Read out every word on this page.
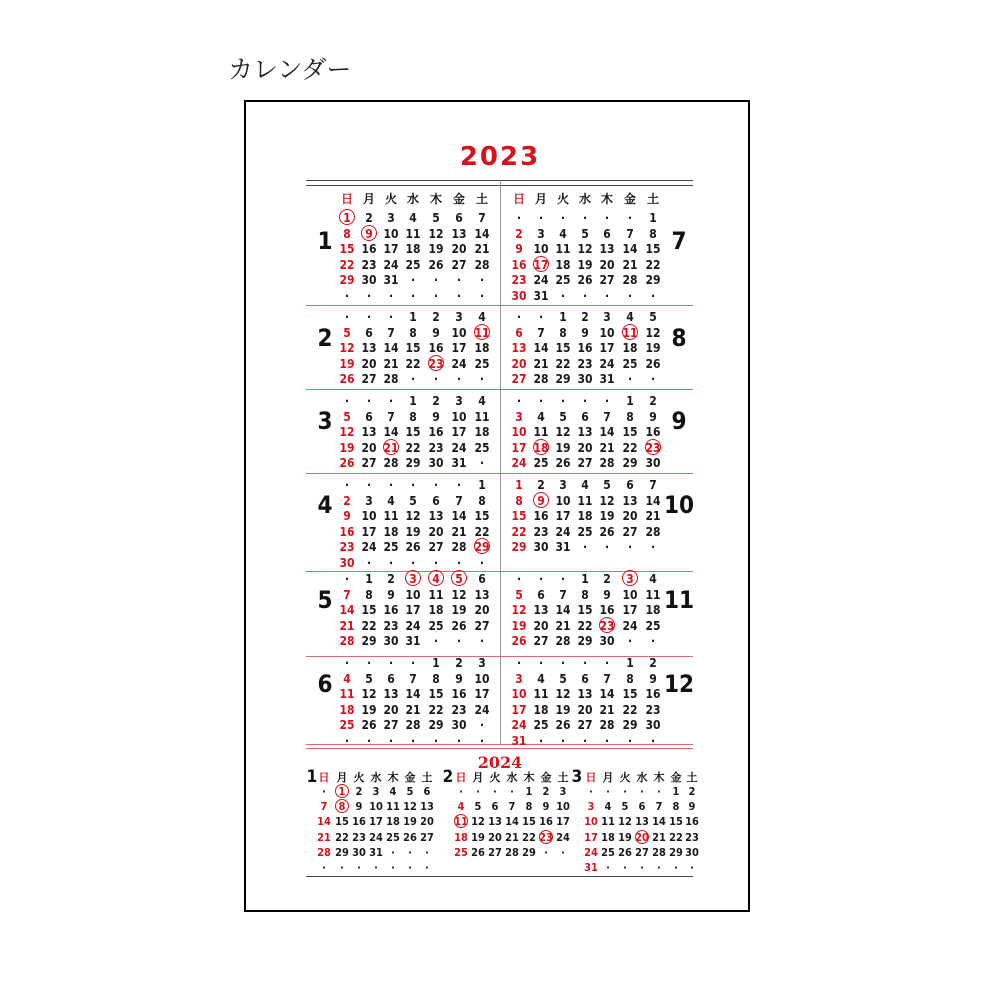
カレンダー
2023
日 月 火 水 木 金 土	日 月 火 水 木 金 土
1
1	2	3	4	5	6	7
8	9 10 11 12 13 14
15 16 17 18 19 20 21
22 23 24 25 26 27 28
29 30 31	·	·	·	·
·	·	·	·	·	·	·
7
·	·	·	·	·	·	1
2	3	4	5	6	7	8
9 10 11 12 13 14 15
16 17 18 19 20 21 22
23 24 25 26 27 28 29
30 31	·	·	·	·	·
2
·	·	·	1	2	3	4
5	6	7	8	9 10 11
12 13 14 15 16 17 18
19 20 21 22 23 24 25
26 27 28	·	·	·	·
8
·	·	1	2	3	4	5
6	7	8	9 10 11 12
13 14 15 16 17 18 19
20 21 22 23 24 25 26
27 28 29 30 31	·	·
3
·	·	·	1	2	3	4
5	6	7	8	9 10 11
12 13 14 15 16 17 18
19 20 21 22 23 24 25
26 27 28 29 30 31	·
9
·	·	·	·	·	1	2
3	4	5	6	7	8	9
10 11 12 13 14 15 16
17 18 19 20 21 22 23
24 25 26 27 28 29 30
4
·	·	·	·	·	·	1
2	3	4	5	6	7	8
9 10 11 12 13 14 15
16 17 18 19 20 21 22
23 24 25 26 27 28 29
30	·	·	·	·	·	·
10
1	2	3	4	5	6	7
8	9 10 11 12 13 14
15 16 17 18 19 20 21
22 23 24 25 26 27 28
29 30 31	·	·	·	·
5
·	1	2	3	4	5	6
7	8	9 10 11 12 13
14 15 16 17 18 19 20
21 22 23 24 25 26 27
28 29 30 31	·	·	·
11
·	·	·	1	2	3	4
5	6	7	8	9 10 11
12 13 14 15 16 17 18
19 20 21 22 23 24 25
26 27 28 29 30	·	·
6
·	·	·	·	1	2	3
4	5	6	7	8	9 10
11 12 13 14 15 16 17
18 19 20 21 22 23 24
25 26 27 28 29 30	·
·	·	·	·	·	·	·
12
·	·	·	·	·	1	2
3	4	5	6	7	8	9
10 11 12 13 14 15 16
17 18 19 20 21 22 23
24 25 26 27 28 29 30
31	·	·	·	·	·	·
2024
日 月 火 水 木 金 土
1
·	1 2 3 4 5 6
7	8 9 10 11 12 13
14 15 16 17 18 19 20
21 22 23 24 25 26 27
28 29 30 31 ·	·	·
·	·	·	·	·	·	·
日 月 火 水 木 金 土
2
·	·	·	·	1 2 3
4 5 6 7 8 9 10
11 12 13 14 15 16 17
18 19 20 21 22 23 24
25 26 27 28 29 ·	·
日 月 火 水 木 金 土
3
·	·	·	·	·	1 2
3 4 5 6 7 8 9
10 11 12 13 14 15 16
17 18 19 20 21 22 23
24 25 26 27 28 29 30
31 ·	·	·	·	·	·
